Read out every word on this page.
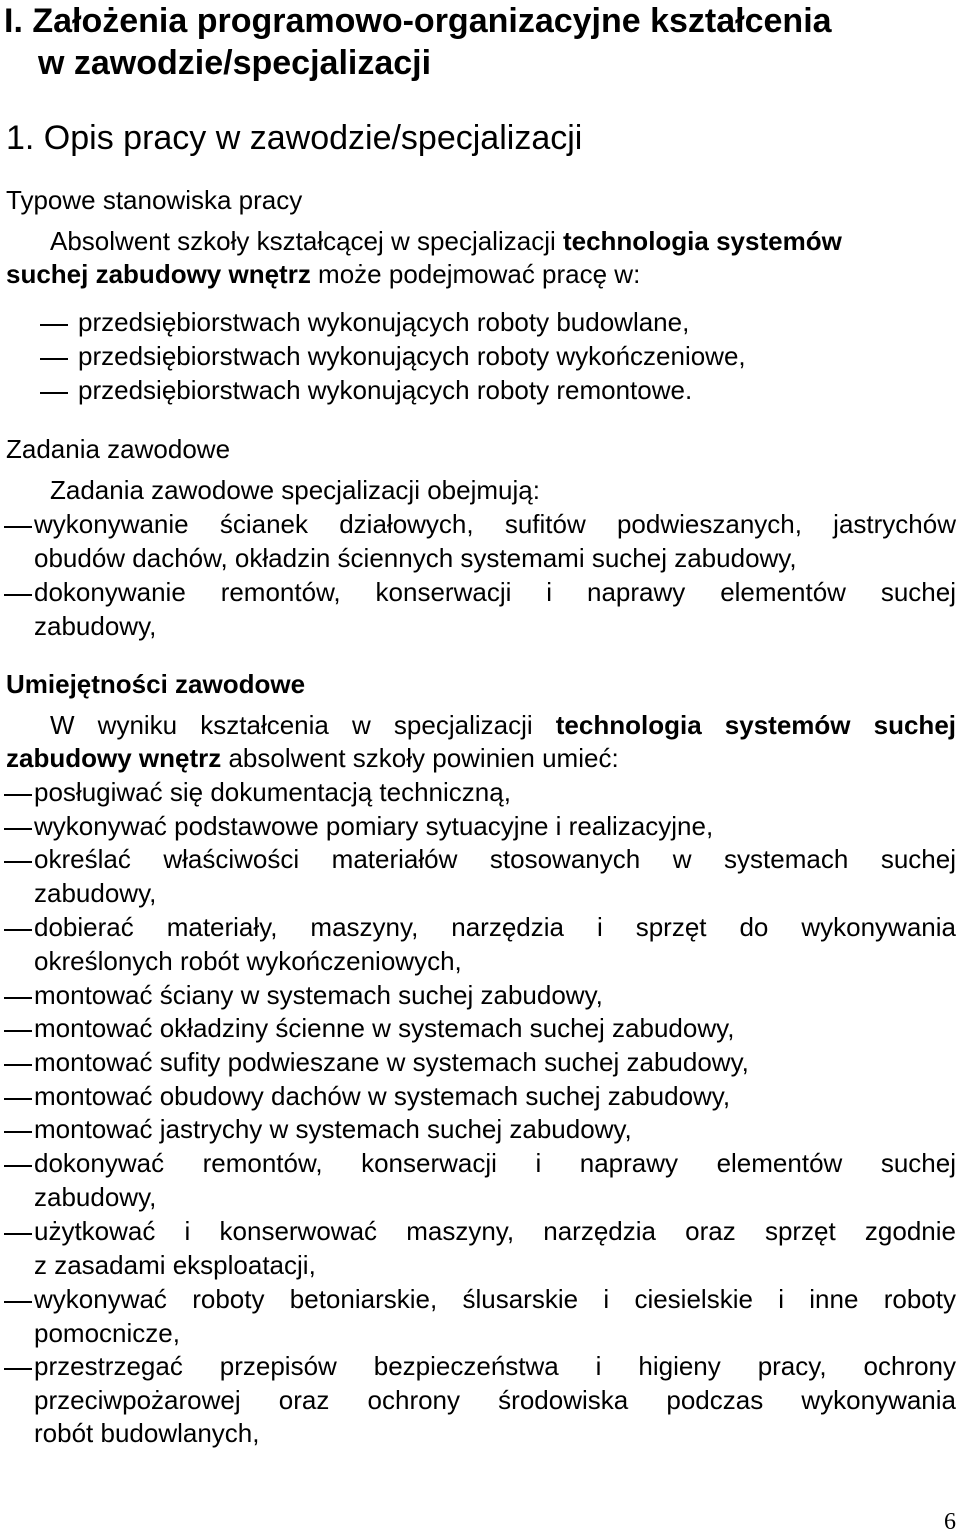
I. Założenia programowo-organizacyjne kształcenia
w zawodzie/specjalizacji
1. Opis pracy w zawodzie/specjalizacji
Typowe stanowiska pracy
Absolwent szkoły kształcącej w specjalizacji technologia systemów
suchej zabudowy wnętrz może podejmować pracę w:
przedsiębiorstwach wykonujących roboty budowlane,
przedsiębiorstwach wykonujących roboty wykończeniowe,
przedsiębiorstwach wykonujących roboty remontowe.
Zadania zawodowe
Zadania zawodowe specjalizacji obejmują:
wykonywanie ścianek działowych, sufitów podwieszanych, jastrychów
obudów dachów, okładzin ściennych systemami suchej zabudowy,
dokonywanie remontów, konserwacji i naprawy elementów suchej
zabudowy,
Umiejętności zawodowe
W wyniku kształcenia w specjalizacji technologia systemów suchej
zabudowy wnętrz absolwent szkoły powinien umieć:
posługiwać się dokumentacją techniczną,
wykonywać podstawowe pomiary sytuacyjne i realizacyjne,
określać właściwości materiałów stosowanych w systemach suchej
zabudowy,
dobierać materiały, maszyny, narzędzia i sprzęt do wykonywania
określonych robót wykończeniowych,
montować ściany w systemach suchej zabudowy,
montować okładziny ścienne w systemach suchej zabudowy,
montować sufity podwieszane w systemach suchej zabudowy,
montować obudowy dachów w systemach suchej zabudowy,
montować jastrychy w systemach suchej zabudowy,
dokonywać remontów, konserwacji i naprawy elementów suchej
zabudowy,
użytkować i konserwować maszyny, narzędzia oraz sprzęt zgodnie
z zasadami eksploatacji,
wykonywać roboty betoniarskie, ślusarskie i ciesielskie i inne roboty
pomocnicze,
przestrzegać przepisów bezpieczeństwa i higieny pracy, ochrony
przeciwpożarowej oraz ochrony środowiska podczas wykonywania
robót budowlanych,
6
